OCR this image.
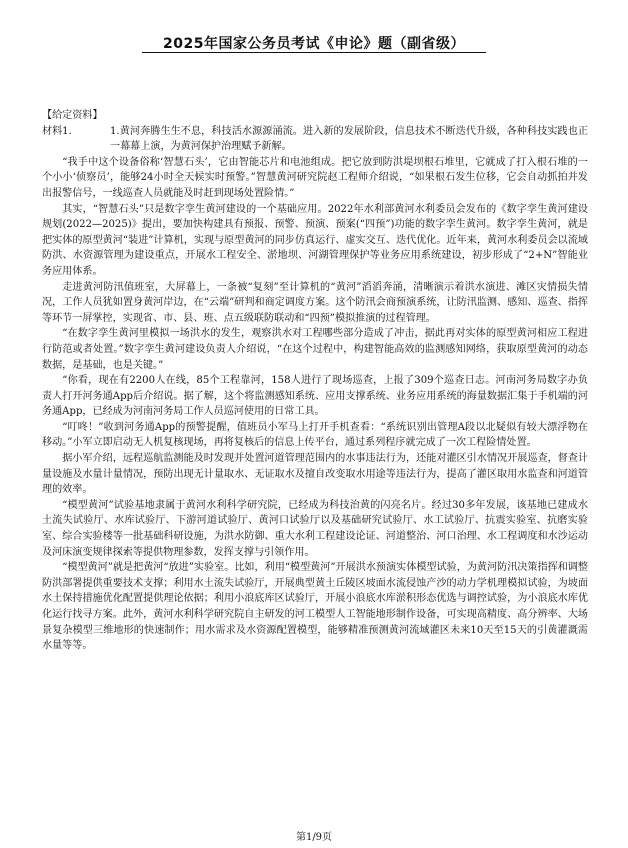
2025年国家公务员考试《申论》题（副省级）

【给定资料】

材料1.	1.黄河奔腾生生不息，科技活水源源涌流。进入新的发展阶段，信息技术不断迭代升级，各种科技实践也正一幕幕上演，为黄河保护治理赋予新解。

“我手中这个设备俗称‘智慧石头’，它由智能芯片和电池组成。把它放到防洪堤坝根石堆里，它就成了打入根石堆的一个小小‘侦察员’，能够24小时全天候实时预警。”智慧黄河研究院赵工程师介绍说，“如果根石发生位移，它会自动抓拍并发出报警信号，一线巡查人员就能及时赶到现场处置险情。”

其实，“智慧石头”只是数字孪生黄河建设的一个基础应用。2022年水利部黄河水利委员会发布的《数字孪生黄河建设规划(2022—2025)》提出，要加快构建具有预报、预警、预演、预案(“四预”)功能的数字孪生黄河。数字孪生黄河，就是把实体的原型黄河“装进”计算机，实现与原型黄河的同步仿真运行、虚实交互、迭代优化。近年来，黄河水利委员会以流域防洪、水资源管理为建设重点，开展水工程安全、淤地坝、河湖管理保护等业务应用系统建设，初步形成了“2+N”智能业务应用体系。

走进黄河防汛值班室，大屏幕上，一条被“复刻”至计算机的“黄河”滔滔奔涌，清晰演示着洪水演进、滩区灾情损失情况，工作人员犹如置身黄河岸边，在“云端”研判和商定调度方案。这个防汛会商预演系统，让防汛监测、感知、巡查、指挥等环节一屏掌控，实现省、市、县、班、点五级联防联动和“四预”模拟推演的过程管理。

“在数字孪生黄河里模拟一场洪水的发生，观察洪水对工程哪些部分造成了冲击，据此再对实体的原型黄河相应工程进行防范或者处置。”数字孪生黄河建设负责人介绍说，“在这个过程中，构建智能高效的监测感知网络，获取原型黄河的动态数据，是基础，也是关键。”

“你看，现在有2200人在线，85个工程靠河，158人进行了现场巡查，上报了309个巡查日志。河南河务局数字办负责人打开河务通App后介绍说。据了解，这个将监测感知系统、应用支撑系统、业务应用系统的海量数据汇集于手机端的河务通App，已经成为河南河务局工作人员巡河使用的日常工具。

“叮咚！”收到河务通App的预警提醒，值班员小军马上打开手机查看：“系统识别出管理A段以北疑似有较大漂浮物在移动。”小军立即启动无人机复核现场，再将复核后的信息上传平台，通过系列程序就完成了一次工程险情处置。

据小军介绍，远程巡航监测能及时发现并处置河道管理范围内的水事违法行为，还能对灌区引水情况开展巡查，督查计量设施及水量计量情况，预防出现无计量取水、无证取水及擅自改变取水用途等违法行为，提高了灌区取用水监查和河道管理的效率。

“模型黄河”试验基地隶属于黄河水利科学研究院，已经成为科技治黄的闪亮名片。经过30多年发展，该基地已建成水土流失试验厅、水库试验厅、下游河道试验厅、黄河口试验厅以及基础研究试验厅、水工试验厅、抗震实验室、抗磨实验室、综合实验楼等一批基础科研设施，为洪水防御、重大水利工程建设论证、河道整治、河口治理、水工程调度和水沙运动及河床演变规律探索等提供物理参数，发挥支撑与引领作用。

“模型黄河”就是把黄河“放进”实验室。比如，利用“模型黄河”开展洪水预演实体模型试验，为黄河防汛决策指挥和调整防洪部署提供重要技术支撑；利用水土流失试验厅，开展典型黄土丘陵区坡面水流侵蚀产沙的动力学机理模拟试验，为坡面水土保持措施优化配置提供理论依据；利用小浪底库区试验厅，开展小浪底水库淤积形态优选与调控试验，为小浪底水库优化运行找寻方案。此外，黄河水利科学研究院自主研发的河工模型人工智能地形制作设备，可实现高精度、高分辨率、大场景复杂模型三维地形的快速制作；用水需求及水资源配置模型，能够精准预测黄河流域灌区未来10天至15天的引黄灌溉需水量等等。

第1/9页
